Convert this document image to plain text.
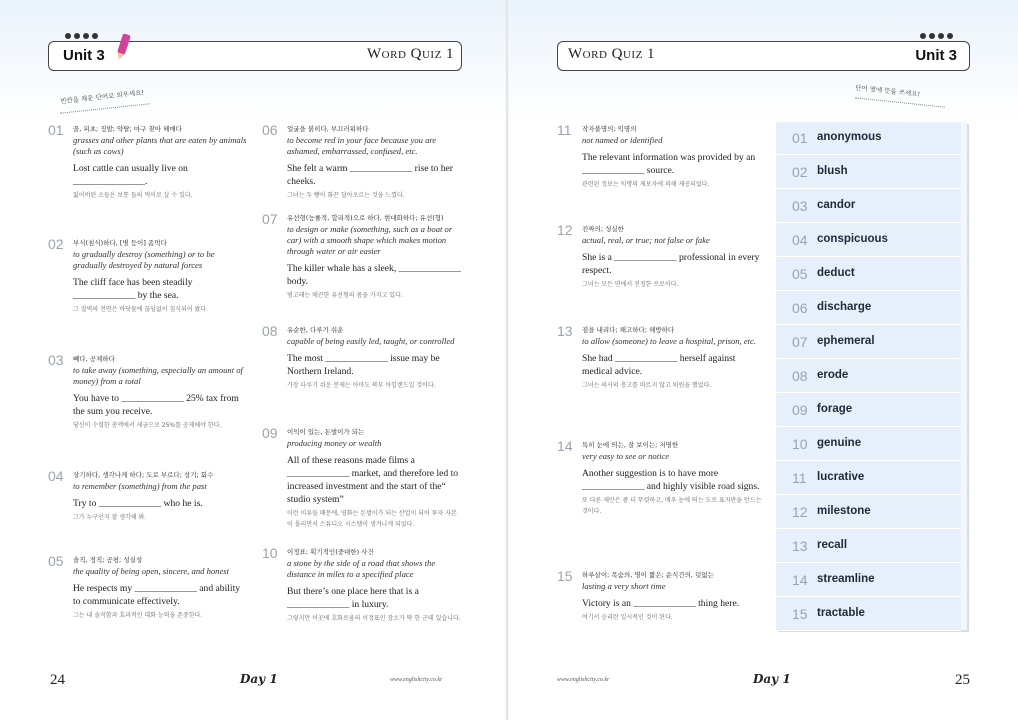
Unit 3	Word Quiz 1
빈칸을 채운 단어로 외우세요!
01 꼴, 피초; 징발; 약탈; 마구 찾아 헤매다
grasses and other plants that are eaten by animals (such as cows)
Lost cattle can usually live on _______________.
잃어버린 소들은 보통 들의 먹이로 살 수 있다.
02 부식(침식)하다, [병 등이] 좀먹다
to gradually destroy (something) or to be gradually destroyed by natural forces
The cliff face has been steadily _____________ by the sea.
그 절벽의 전면은 바닷물에 끊임없이 침식되어 왔다.
03 빼다, 공제하다
to take away (something, especially an amount of money) from a total
You have to _____________ 25% tax from the sum you receive.
당신이 수령한 총액에서 세금으로 25%를 공제해야 한다.
04 상기하다, 생각나게 하다; 도로 부르다; 상기; 회수
to remember (something) from the past
Try to _____________ who he is.
그가 누구인지 잘 생각해 봐.
05 솔직, 정직; 공평; 성실성
the quality of being open, sincere, and honest
He respects my _____________ and ability to communicate effectively.
그는 내 솔직함과 효과적인 대화 능력을 존중한다.
06 얼굴을 붉히다, 부끄러워하다
to become red in your face because you are ashamed, embarrassed, confused, etc.
She felt a warm _____________ rise to her cheeks.
그녀는 두 뺨이 화끈 달아오르는 것을 느꼈다.
07 유선형(능률적, 합리적)으로 하다, 현대화하다; 유선(형)
to design or make (something, such as a boat or car) with a smooth shape which makes motion through water or air easier
The killer whale has a sleek, _____________ body.
범고래는 매끈한 유선형의 몸을 가지고 있다.
08 유순한, 다루기 쉬운
capable of being easily led, taught, or controlled
The most _____________ issue may be Northern Ireland.
가장 다루기 쉬운 문제는 아마도 북부 아일랜드일 것이다.
09 이익이 있는, 돈벌이가 되는
producing money or wealth
All of these reasons made films a _____________ market, and therefore led to increased investment and the start of the“ studio system”
이런 이유들 때문에, 영화는 돈벌이가 되는 산업이 되어 투자 자본이 몰리면서 스튜디오 시스템이 생겨나게 되었다.
10 이정표; 획기적인(중대한) 사건
a stone by the side of a road that shows the distance in miles to a specified place
But there’s one place here that is a _____________ in luxury.
그렇지만 이곳에 호화로움의 이정표인 장소가 딱 한 군데 있습니다.
24	Day 1	www.englishcity.co.kr
Word Quiz 1	Unit 3
단어 옆에 뜻을 쓰세요!
11 작자불명의; 익명의
not named or identified
The relevant information was provided by an _____________ source.
관련된 정보는 익명의 제보자에 의해 제공되었다.
12 진짜의; 성실한
actual, real, or true; not false or fake
She is a _____________ professional in every respect.
그녀는 모든 면에서 진정한 프로이다.
13 짐을 내리다; 해고하다; 해방하다
to allow (someone) to leave a hospital, prison, etc.
She had _____________ herself against medical advice.
그녀는 의사의 충고를 따르지 않고 퇴원을 했었다.
14 특히 눈에 띄는, 잘 보이는; 저명한
very easy to see or notice
Another suggestion is to have more _____________ and highly visible road signs.
또 다른 제안은 좀 더 뚜렷하고, 매우 눈에 띄는 도로 표지판을 만드는 것이다.
15 하루살이; 목숨의, 명이 짧은; 순식간의, 덧없는
lasting a very short time
Victory is an _____________ thing here.
여기서 승리란 일시적인 것이 된다.
25
Day 1
www.englishcity.co.kr
01 anonymous
02 blush
03 candor
04 conspicuous
05 deduct
06 discharge
07 ephemeral
08 erode
09 forage
10 genuine
11 lucrative
12 milestone
13 recall
14 streamline
15 tractable
